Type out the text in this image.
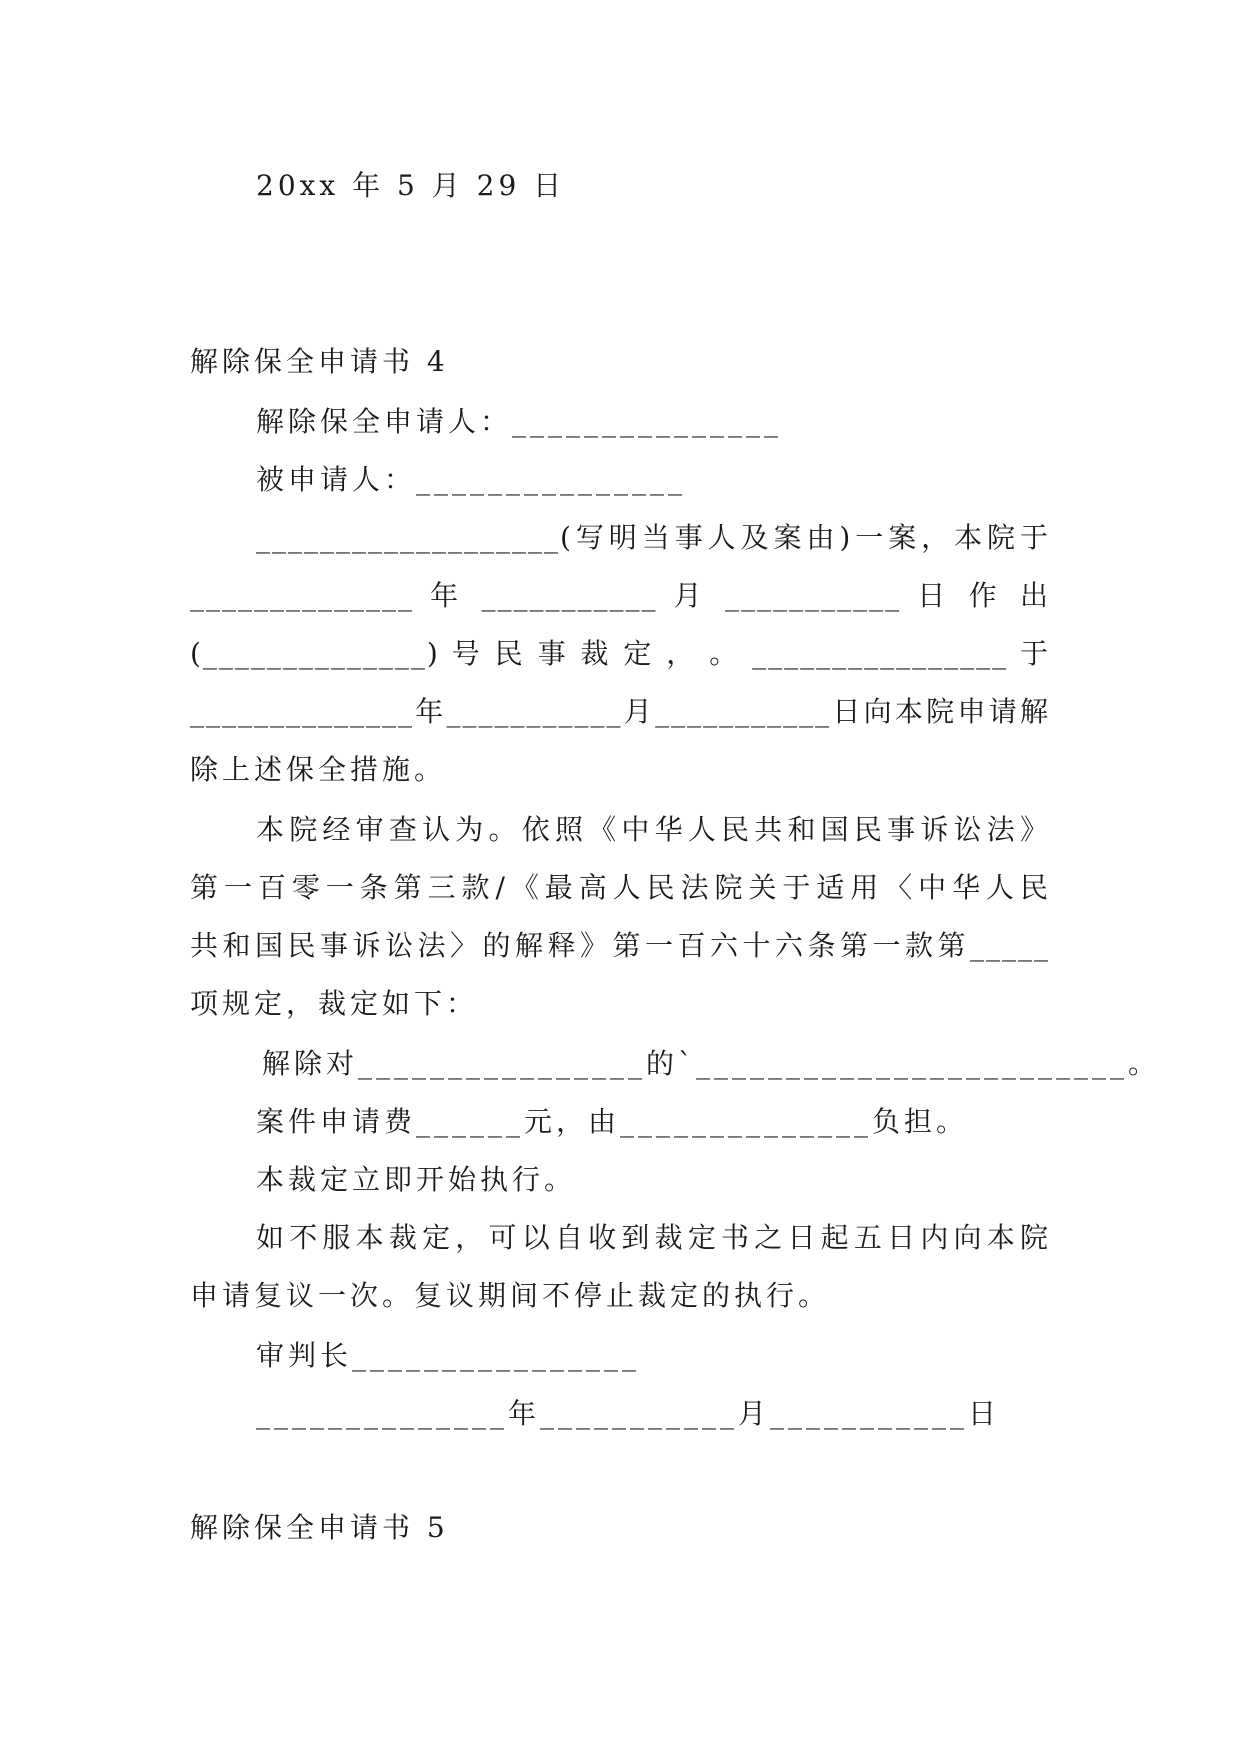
20xx 年 5 月 29 日
解除保全申请书 4
解除保全申请人：_______________
被申请人：_______________
___________________(写明当事人及案由)一案，本院于
______________ 年 ___________ 月 ___________ 日 作 出
(______________) 号 民 事 裁 定 ， 。 ________________ 于
______________年___________月___________日向本院申请解
除上述保全措施。
本院经审查认为。依照《中华人民共和国民事诉讼法》
第一百零一条第三款/《最高人民法院关于适用〈中华人民
共和国民事诉讼法〉的解释》第一百六十六条第一款第_____
项规定，裁定如下：
解除对________________的`________________________。
案件申请费______元，由______________负担。
本裁定立即开始执行。
如不服本裁定，可以自收到裁定书之日起五日内向本院
申请复议一次。复议期间不停止裁定的执行。
审判长________________
______________年___________月___________日
解除保全申请书 5
